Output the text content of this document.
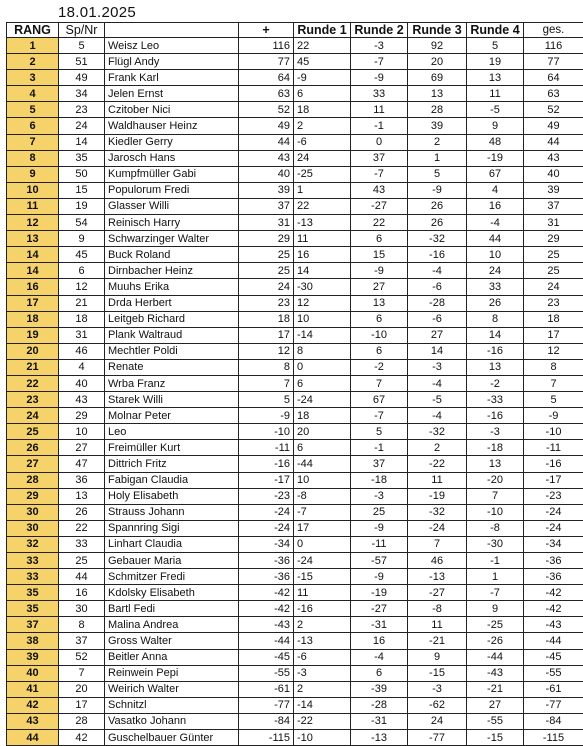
18.01.2025
RANG	Sp/Nr		+	Runde 1	Runde 2	Runde 3	Runde 4	ges.
1	5	Weisz Leo	116	22	-3	92	5	116
2	51	Flügl Andy	77	45	-7	20	19	77
3	49	Frank Karl	64	-9	-9	69	13	64
4	34	Jelen Ernst	63	6	33	13	11	63
5	23	Czitober Nici	52	18	11	28	-5	52
6	24	Waldhauser Heinz	49	2	-1	39	9	49
7	14	Kiedler Gerry	44	-6	0	2	48	44
8	35	Jarosch Hans	43	24	37	1	-19	43
9	50	Kumpfmüller Gabi	40	-25	-7	5	67	40
10	15	Populorum Fredi	39	1	43	-9	4	39
11	19	Glasser Willi	37	22	-27	26	16	37
12	54	Reinisch Harry	31	-13	22	26	-4	31
13	9	Schwarzinger Walter	29	11	6	-32	44	29
14	45	Buck Roland	25	16	15	-16	10	25
14	6	Dirnbacher Heinz	25	14	-9	-4	24	25
16	12	Muuhs Erika	24	-30	27	-6	33	24
17	21	Drda Herbert	23	12	13	-28	26	23
18	18	Leitgeb Richard	18	10	6	-6	8	18
19	31	Plank Waltraud	17	-14	-10	27	14	17
20	46	Mechtler Poldi	12	8	6	14	-16	12
21	4	Renate	8	0	-2	-3	13	8
22	40	Wrba Franz	7	6	7	-4	-2	7
23	43	Starek Willi	5	-24	67	-5	-33	5
24	29	Molnar Peter	-9	18	-7	-4	-16	-9
25	10	Leo	-10	20	5	-32	-3	-10
26	27	Freimüller Kurt	-11	6	-1	2	-18	-11
27	47	Dittrich Fritz	-16	-44	37	-22	13	-16
28	36	Fabigan Claudia	-17	10	-18	11	-20	-17
29	13	Holy Elisabeth	-23	-8	-3	-19	7	-23
30	26	Strauss Johann	-24	-7	25	-32	-10	-24
30	22	Spannring Sigi	-24	17	-9	-24	-8	-24
32	33	Linhart Claudia	-34	0	-11	7	-30	-34
33	25	Gebauer Maria	-36	-24	-57	46	-1	-36
33	44	Schmitzer Fredi	-36	-15	-9	-13	1	-36
35	16	Kdolsky Elisabeth	-42	11	-19	-27	-7	-42
35	30	Bartl Fedi	-42	-16	-27	-8	9	-42
37	8	Malina Andrea	-43	2	-31	11	-25	-43
38	37	Gross Walter	-44	-13	16	-21	-26	-44
39	52	Beitler Anna	-45	-6	-4	9	-44	-45
40	7	Reinwein Pepi	-55	-3	6	-15	-43	-55
41	20	Weirich Walter	-61	2	-39	-3	-21	-61
42	17	Schnitzl	-77	-14	-28	-62	27	-77
43	28	Vasatko Johann	-84	-22	-31	24	-55	-84
44	42	Guschelbauer Günter	-115	-10	-13	-77	-15	-115
